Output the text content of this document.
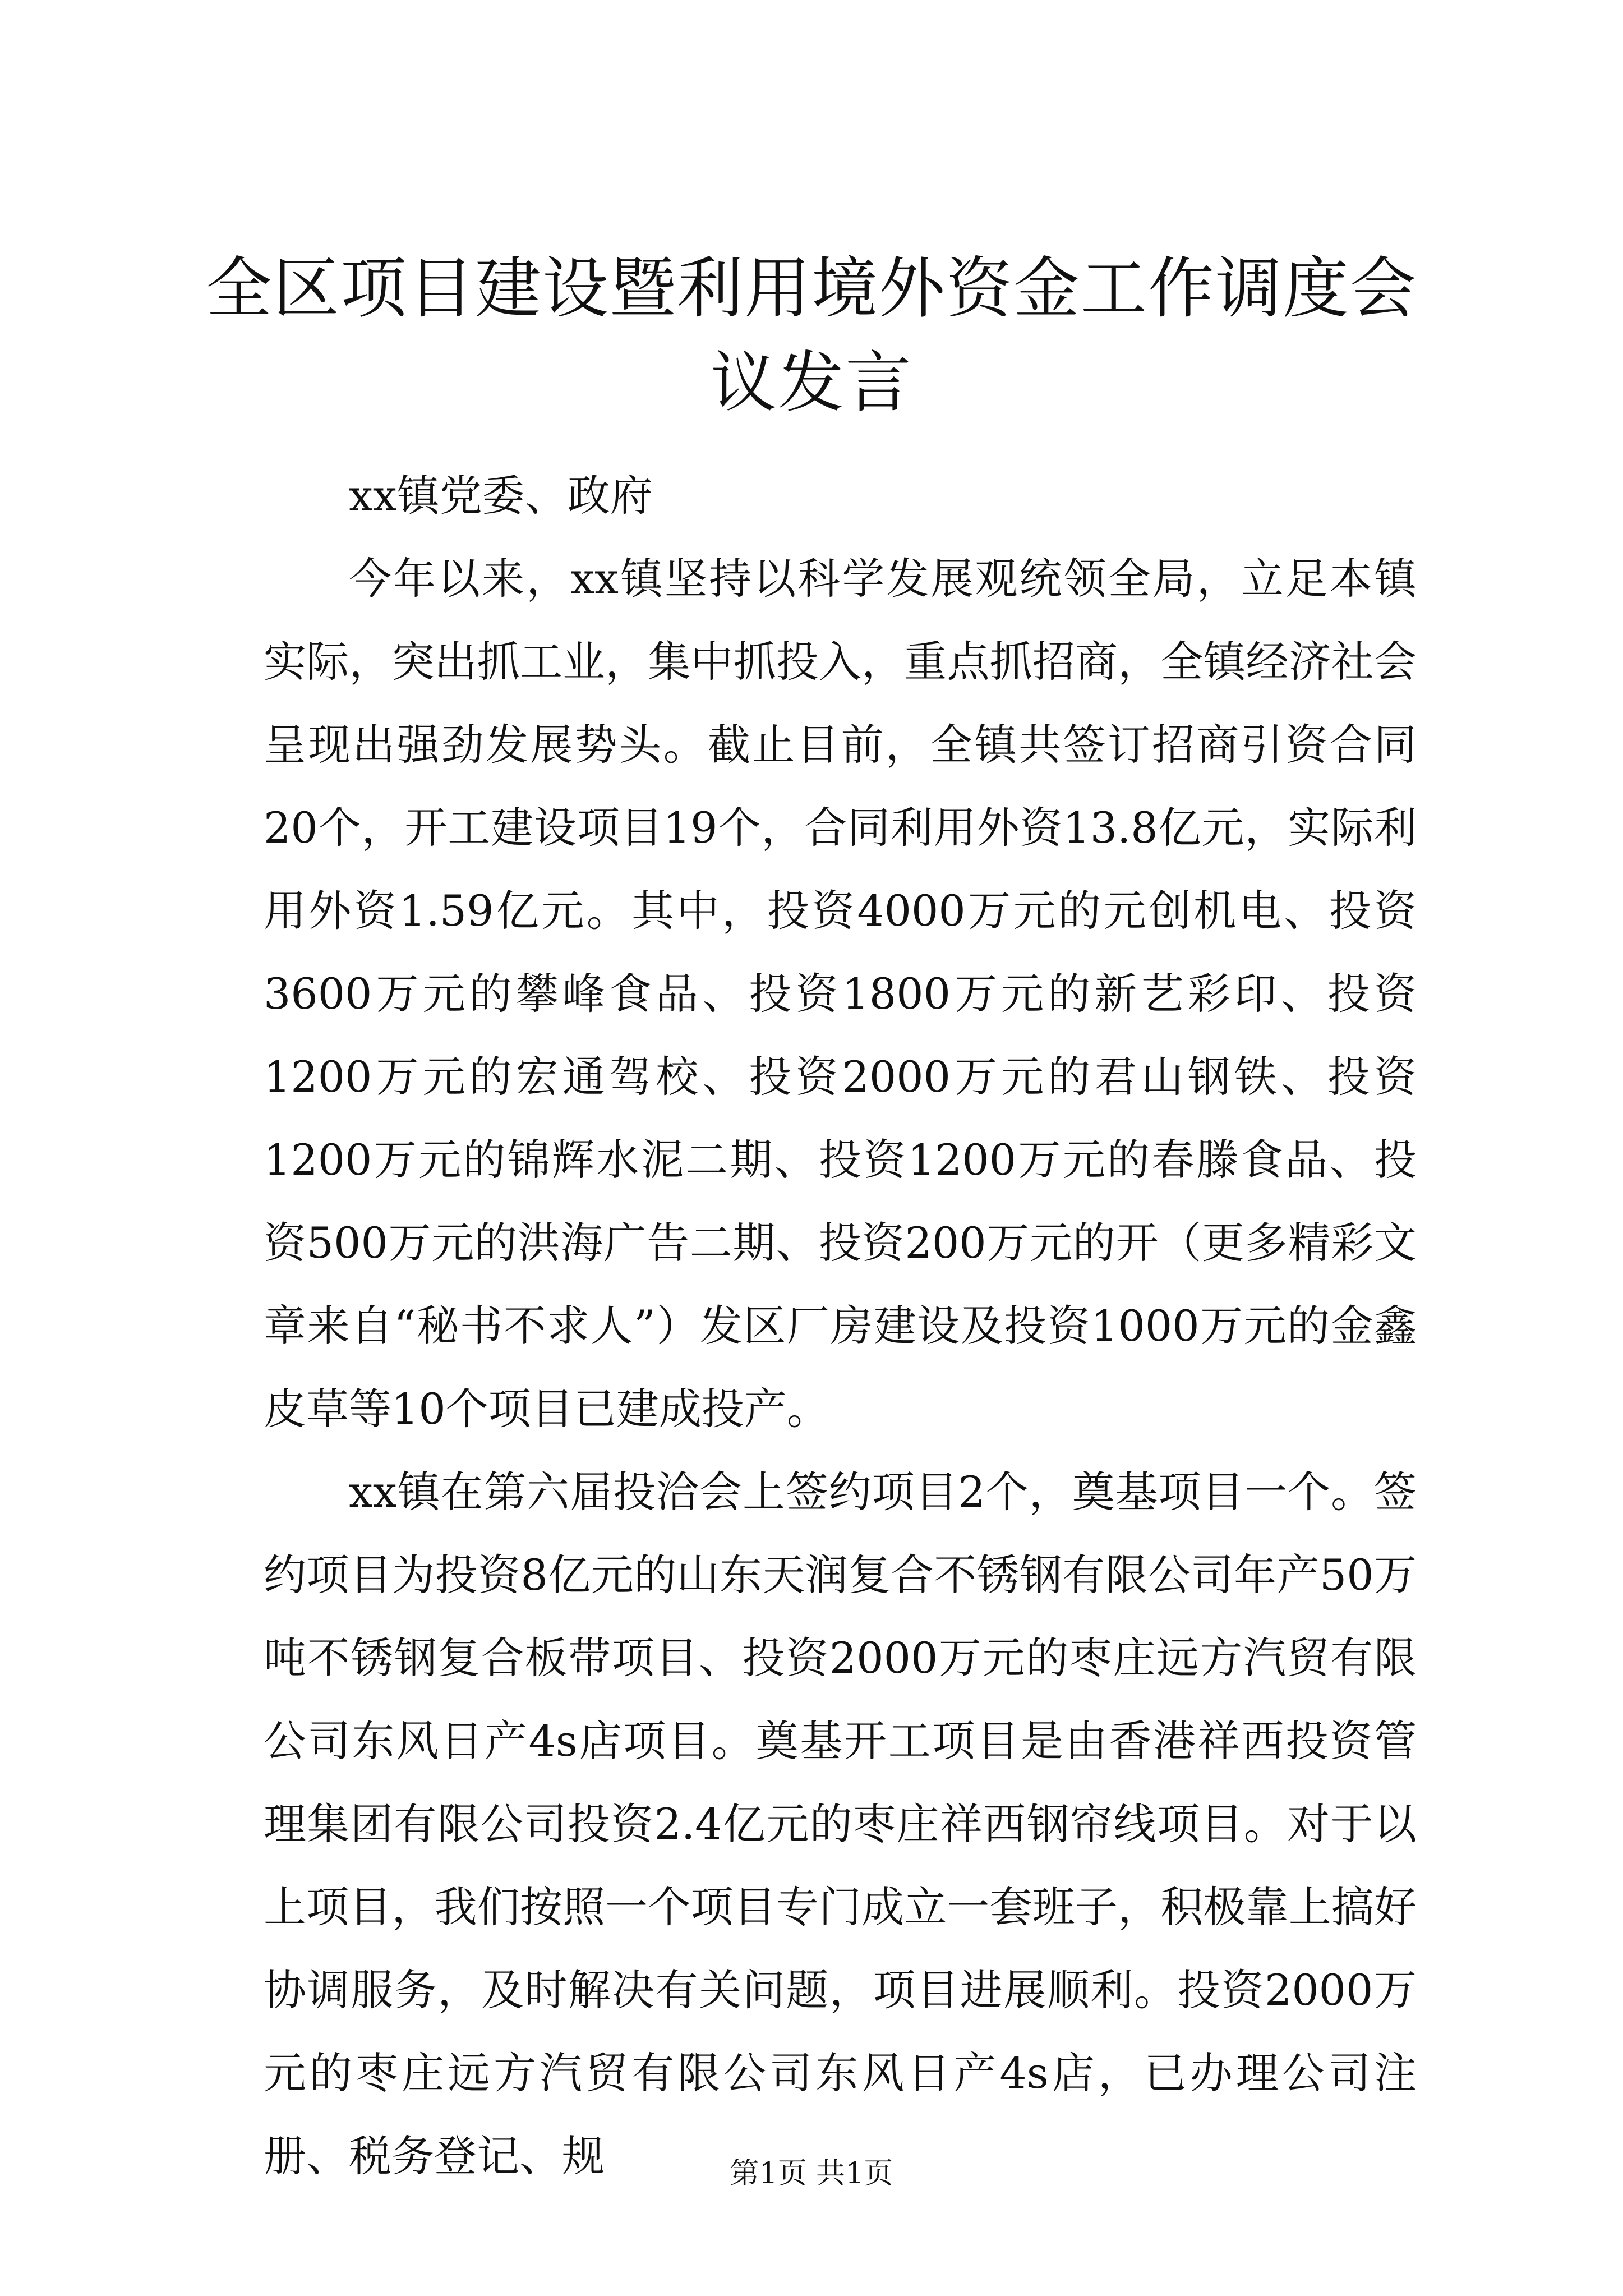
全区项目建设暨利用境外资金工作调度会议发言

xx镇党委、政府

今年以来，xx镇坚持以科学发展观统领全局，立足本镇实际，突出抓工业，集中抓投入，重点抓招商，全镇经济社会呈现出强劲发展势头。截止目前，全镇共签订招商引资合同20个，开工建设项目19个，合同利用外资13.8亿元，实际利用外资1.59亿元。其中，投资4000万元的元创机电、投资3600万元的攀峰食品、投资1800万元的新艺彩印、投资1200万元的宏通驾校、投资2000万元的君山钢铁、投资1200万元的锦辉水泥二期、投资1200万元的春滕食品、投资500万元的洪海广告二期、投资200万元的开（更多精彩文章来自“秘书不求人”）发区厂房建设及投资1000万元的金鑫皮草等10个项目已建成投产。

xx镇在第六届投洽会上签约项目2个，奠基项目一个。签约项目为投资8亿元的山东天润复合不锈钢有限公司年产50万吨不锈钢复合板带项目、投资2000万元的枣庄远方汽贸有限公司东风日产4s店项目。奠基开工项目是由香港祥西投资管理集团有限公司投资2.4亿元的枣庄祥西钢帘线项目。对于以上项目，我们按照一个项目专门成立一套班子，积极靠上搞好协调服务，及时解决有关问题，项目进展顺利。投资2000万元的枣庄远方汽贸有限公司东风日产4s店，已办理公司注册、税务登记、规	第1页 共1页
